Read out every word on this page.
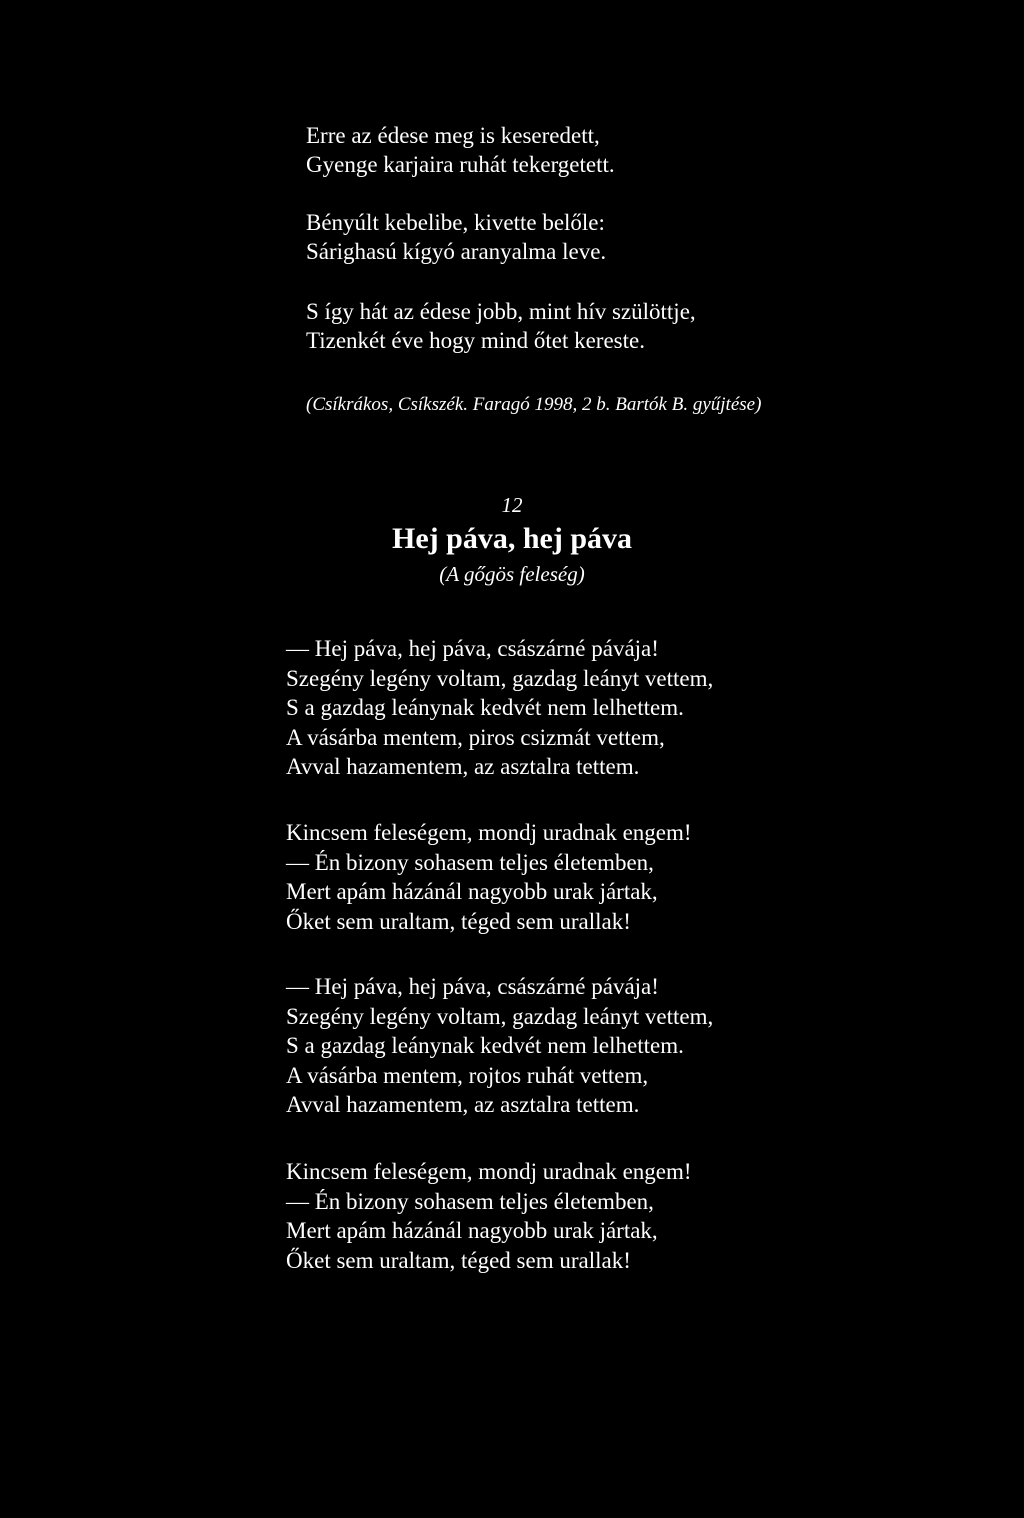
Erre az édese meg is keseredett,
Gyenge karjaira ruhát tekergetett.
Bényúlt kebelibe, kivette belőle:
Sárighasú kígyó aranyalma leve.
S így hát az édese jobb, mint hív szülöttje,
Tizenkét éve hogy mind őtet kereste.
(Csíkrákos, Csíkszék. Faragó 1998, 2 b. Bartók B. gyűjtése)
12
Hej páva, hej páva
(A gőgös feleség)
— Hej páva, hej páva, császárné pávája!
Szegény legény voltam, gazdag leányt vettem,
S a gazdag leánynak kedvét nem lelhettem.
A vásárba mentem, piros csizmát vettem,
Avval hazamentem, az asztalra tettem.
Kincsem feleségem, mondj uradnak engem!
— Én bizony sohasem teljes életemben,
Mert apám házánál nagyobb urak jártak,
Őket sem uraltam, téged sem urallak!
— Hej páva, hej páva, császárné pávája!
Szegény legény voltam, gazdag leányt vettem,
S a gazdag leánynak kedvét nem lelhettem.
A vásárba mentem, rojtos ruhát vettem,
Avval hazamentem, az asztalra tettem.
Kincsem feleségem, mondj uradnak engem!
— Én bizony sohasem teljes életemben,
Mert apám házánál nagyobb urak jártak,
Őket sem uraltam, téged sem urallak!
